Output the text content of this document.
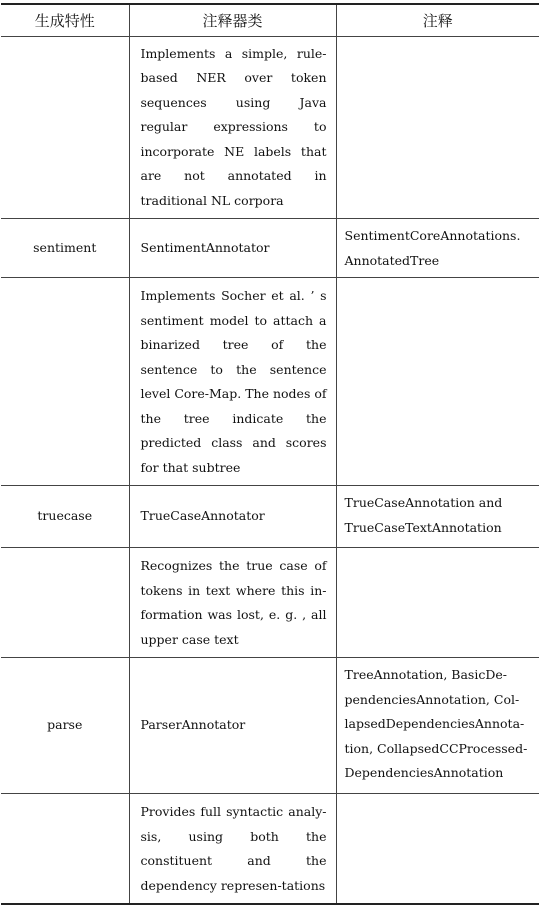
生成特性	注释器类	注释
	Implements a simple, rule-based NER over token sequences using Java regular expressions to incorporate NE labels that are not annotated in traditional NL corpora	
sentiment	SentimentAnnotator	SentimentCoreAnnotations. AnnotatedTree
	Implements Socher et al. ’ s sentiment model to attach a binarized tree of the sentence to the sentence level Core-Map. The nodes of the tree indicate the predicted class and scores for that subtree	
truecase	TrueCaseAnnotator	TrueCaseAnnotation and TrueCaseTextAnnotation
	Recognizes the true case of tokens in text where this in-formation was lost, e. g. , all upper case text	
parse	ParserAnnotator	TreeAnnotation, BasicDe-pendenciesAnnotation, Col-lapsedDependenciesAnnota-tion, CollapsedCCProcessed-DependenciesAnnotation
	Provides full syntactic analy-sis, using both the constituent and the dependency represen-tations	
